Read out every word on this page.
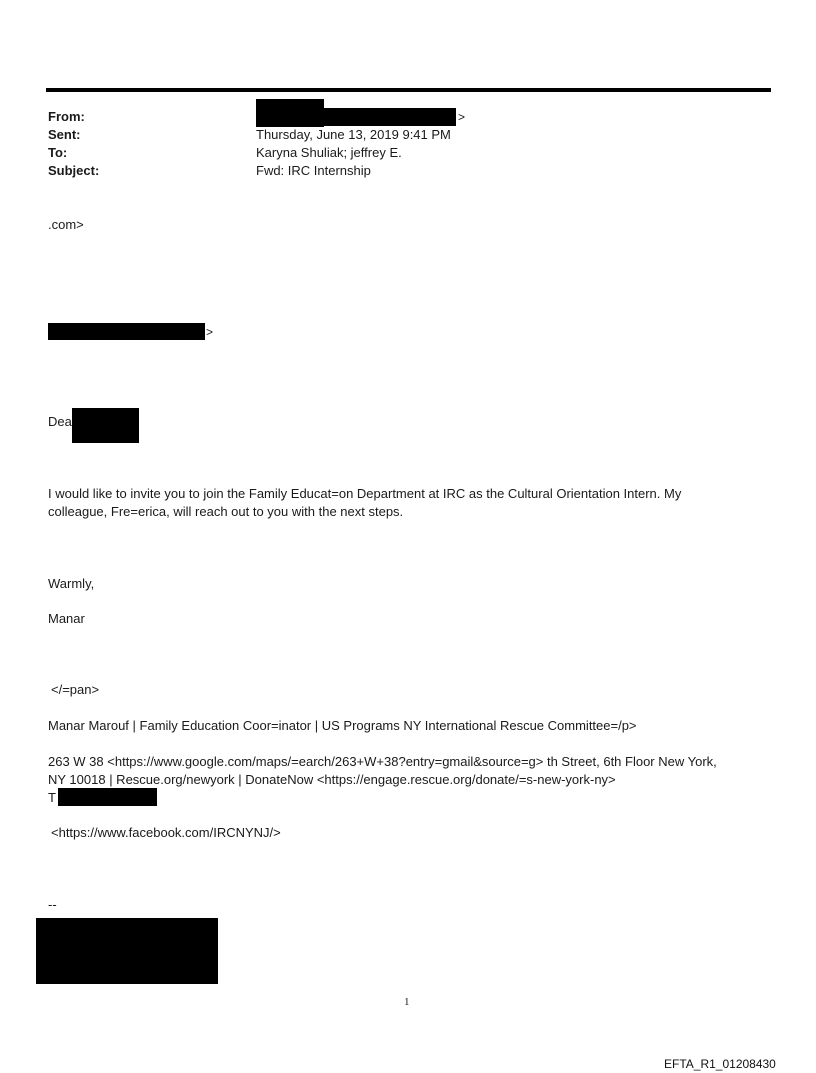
From:	>
Sent:	Thursday, June 13, 2019 9:41 PM
To:	Karyna Shuliak; jeffrey E.
Subject:	Fwd: IRC Internship
.com>
>
Dea
I would like to invite you to join the Family Educat=on Department at IRC as the Cultural Orientation Intern. My
colleague, Fre=erica, will reach out to you with the next steps.
Warmly,
Manar
</=pan>
Manar Marouf | Family Education Coor=inator | US Programs NY International Rescue Committee=/p>
263 W 38 <https://www.google.com/maps/=earch/263+W+38?entry=gmail&source=g> th Street, 6th Floor New York,
NY 10018 | Rescue.org/newyork | DonateNow <https://engage.rescue.org/donate/=s-new-york-ny>
T
<https://www.facebook.com/IRCNYNJ/>
--
1
EFTA_R1_01208430
